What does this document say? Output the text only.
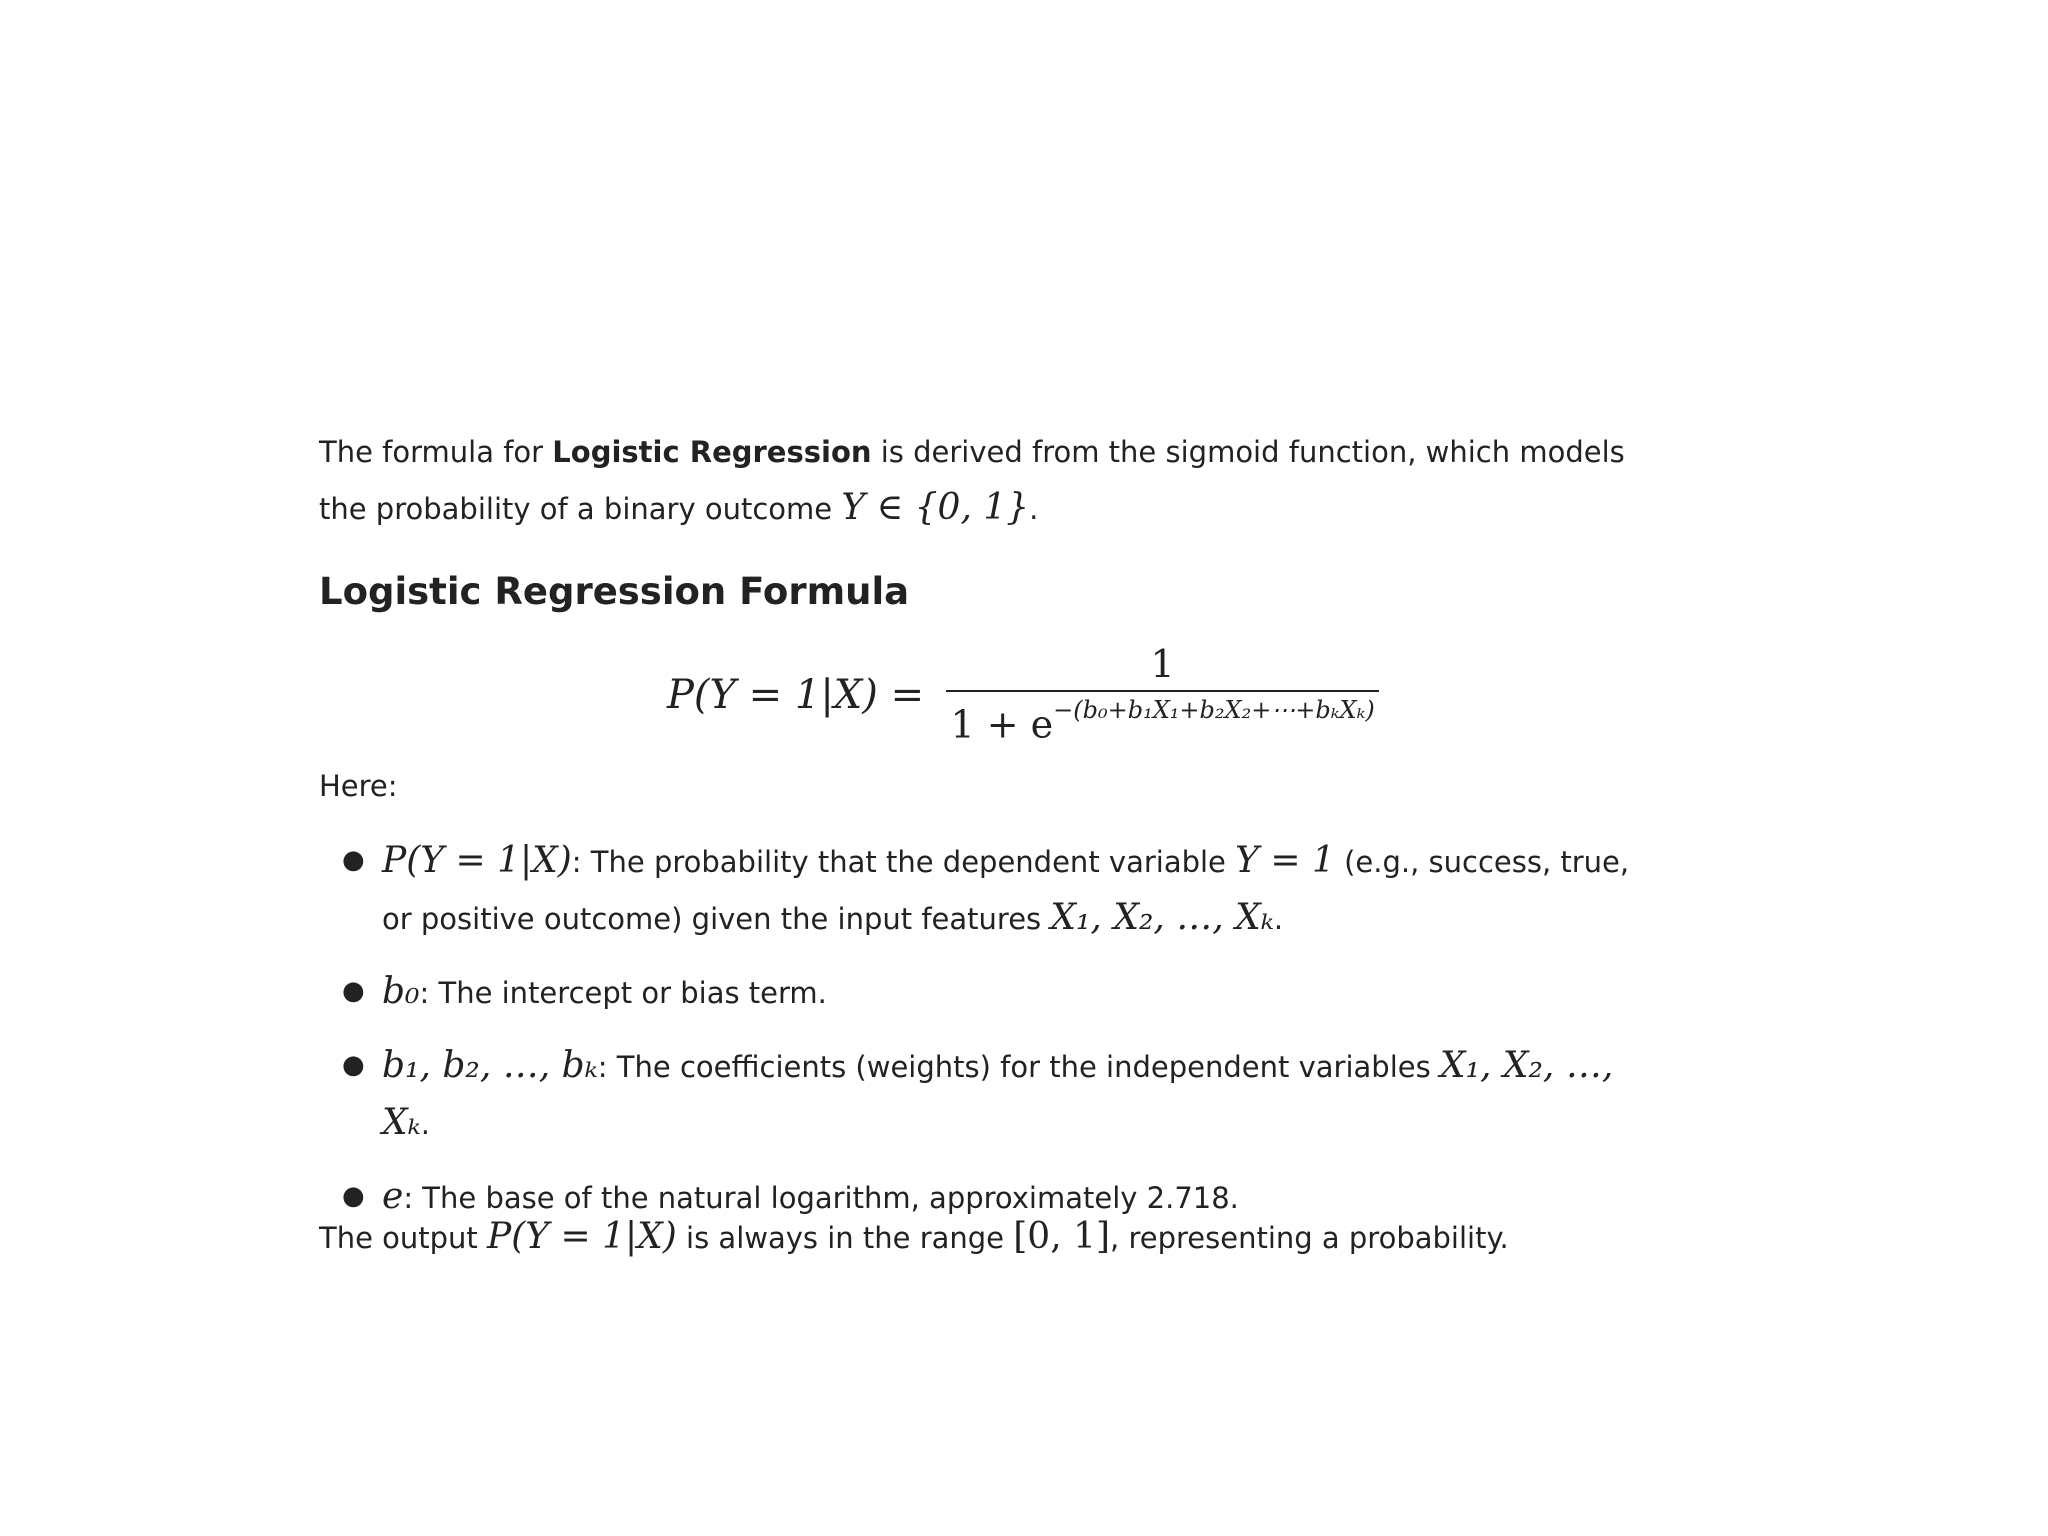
The formula for Logistic Regression is derived from the sigmoid function, which models the probability of a binary outcome Y ∈ {0, 1}.

Logistic Regression Formula
$P(Y = 1|X) = \frac{1}{1 + e^{-(b_0+b_1X_1+b_2X_2+\cdots+b_kX_k)}}$

Here:

● P(Y = 1|X): The probability that the dependent variable Y = 1 (e.g., success, true, or positive outcome) given the input features X₁, X₂, …, Xₖ.
● b₀: The intercept or bias term.
● b₁, b₂, …, bₖ: The coefficients (weights) for the independent variables X₁, X₂, …, Xₖ.
● e: The base of the natural logarithm, approximately 2.718.

The output P(Y = 1|X) is always in the range [0, 1], representing a probability.
